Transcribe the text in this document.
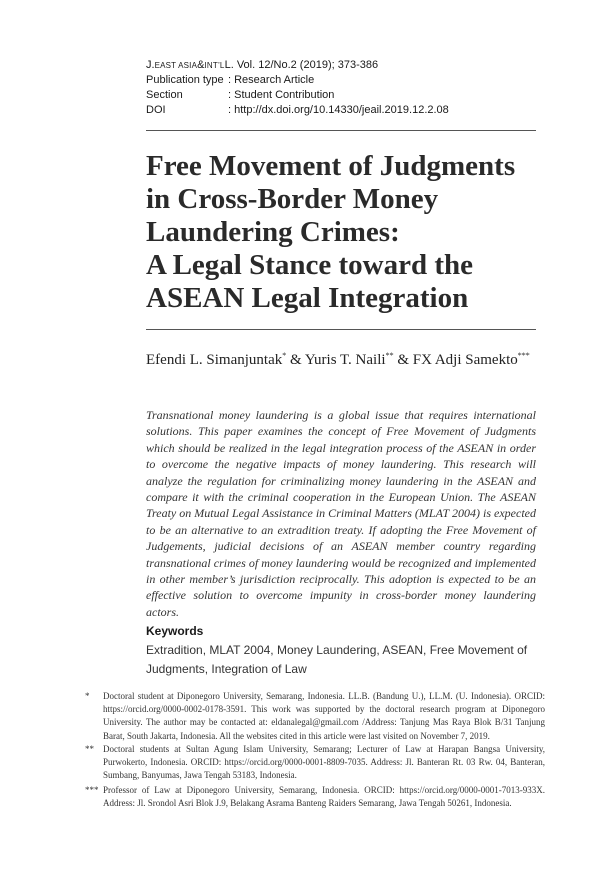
J. EAST ASIA & INT’L L. Vol. 12/No.2 (2019); 373-386
Publication type : Research Article
Section	: Student Contribution
DOI	: http://dx.doi.org/10.14330/jeail.2019.12.2.08
Free Movement of Judgments
in Cross-Border Money
Laundering Crimes:
A Legal Stance toward the
ASEAN Legal Integration
Efendi L. Simanjuntak* & Yuris T. Naili** & FX Adji Samekto***

Transnational money laundering is a global issue that requires international solutions. This paper examines the concept of Free Movement of Judgments which should be realized in the legal integration process of the ASEAN in order to overcome the negative impacts of money laundering. This research will analyze the regulation for criminalizing money laundering in the ASEAN and compare it with the criminal cooperation in the European Union. The ASEAN Treaty on Mutual Legal Assistance in Criminal Matters (MLAT 2004) is expected to be an alternative to an extradition treaty. If adopting the Free Movement of Judgements, judicial decisions of an ASEAN member country regarding transnational crimes of money laundering would be recognized and implemented in other member’s jurisdiction reciprocally. This adoption is expected to be an effective solution to overcome impunity in cross-border money laundering actors.

Keywords
Extradition, MLAT 2004, Money Laundering, ASEAN, Free Movement of Judgments, Integration of Law
* Doctoral student at Diponegoro University, Semarang, Indonesia. LL.B. (Bandung U.), LL.M. (U. Indonesia). ORCID: https://orcid.org/0000-0002-0178-3591. This work was supported by the doctoral research program at Diponegoro University. The author may be contacted at: eldanalegal@gmail.com /Address: Tanjung Mas Raya Blok B/31 Tanjung Barat, South Jakarta, Indonesia. All the websites cited in this article were last visited on November 7, 2019.
** Doctoral students at Sultan Agung Islam University, Semarang; Lecturer of Law at Harapan Bangsa University, Purwokerto, Indonesia. ORCID: https://orcid.org/0000-0001-8809-7035. Address: Jl. Banteran Rt. 03 Rw. 04, Banteran, Sumbang, Banyumas, Jawa Tengah 53183, Indonesia.
*** Professor of Law at Diponegoro University, Semarang, Indonesia. ORCID: https://orcid.org/0000-0001-7013-933X. Address: Jl. Srondol Asri Blok J.9, Belakang Asrama Banteng Raiders Semarang, Jawa Tengah 50261, Indonesia.
